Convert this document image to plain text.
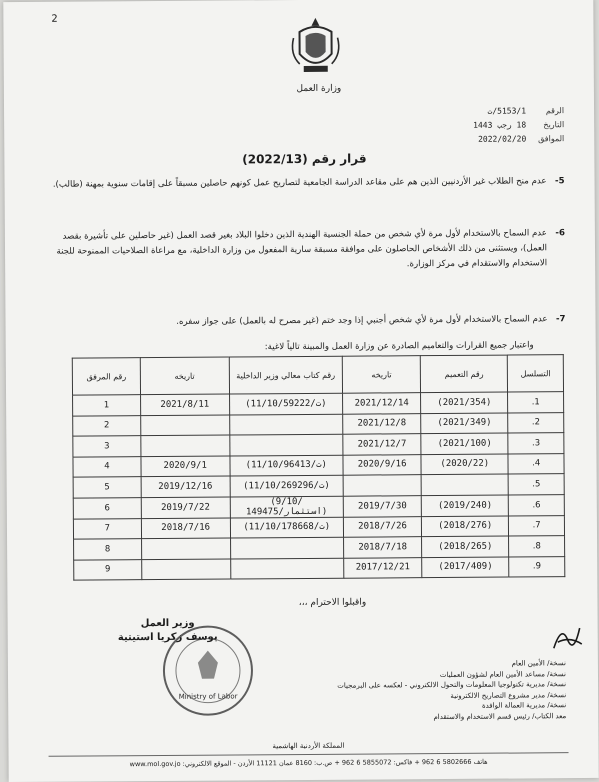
2
وزارة العمل
الرقم
5153/1/ت
التاريخ
18 رجب 1443
الموافق
2022/02/20
قرار رقم (2022/13)
5-
عدم منح الطلاب غير الأردنيين الذين هم على مقاعد الدراسة الجامعية لتصاريح عمل كونهم حاصلين مسبقاً على إقامات سنوية بمهنة (طالب).
6-
عدم السماح بالاستخدام لأول مرة لأي شخص من حملة الجنسية الهندية الذين دخلوا البلاد بغير قصد العمل (غير حاصلين على تأشيرة بقصد العمل)، ويستثنى من ذلك الأشخاص الحاصلون على موافقة مسبقة سارية المفعول من وزارة الداخلية، مع مراعاة الصلاحيات الممنوحة للجنة الاستخدام والاستقدام في مركز الوزارة.
7-
عدم السماح بالاستخدام لأول مرة لأي شخص أجنبي إذا وجد ختم (غير مصرح له بالعمل) على جواز سفره.
واعتبار جميع القرارات والتعاميم الصادرة عن وزارة العمل والمبينة تالياً لاغية:
التسلسل	رقم التعميم	تاريخه	رقم كتاب معالي وزير الداخلية	تاريخه	رقم المرفق
1.	(2021/354)	2021/12/14	(11/10/ت/59222)	2021/8/11	1
2.	(2021/349)	2021/12/8			2
3.	(2021/100)	2021/12/7			3
4.	(2020/22)	2020/9/16	(11/10/ت/96413)	2020/9/1	4
5.			(11/10/ت/269296)	2019/12/16	5
6.	(2019/240)	2019/7/30	(9/10/استثمار/149475)	2019/7/22	6
7.	(2018/276)	2018/7/26	(11/10/ت/178668)	2018/7/16	7
8.	(2018/265)	2018/7/18			8
9.	(2017/409)	2017/12/21			9
واقبلوا الاحترام ،،،
وزير العمل
يوسف زكريا استيتية
Ministry of Labor
نسخة/ الأمين العام
نسخة/ مساعد الأمين العام لشؤون العمليات
نسخة/ مديرية تكنولوجيا المعلومات والتحول الالكتروني - لعكسه على البرمجيات
نسخة/ مدير مشروع التصاريح الالكترونية
نسخة/ مديرية العمالة الوافدة
معد الكتاب/ رئيس قسم الاستخدام والاستقدام
المملكة الأردنية الهاشمية
هاتف 5802666 6 962 + فاكس: 5855072 6 962 + ص.ب: 8160 عمان 11121 الأردن - الموقع الالكتروني: www.mol.gov.jo
